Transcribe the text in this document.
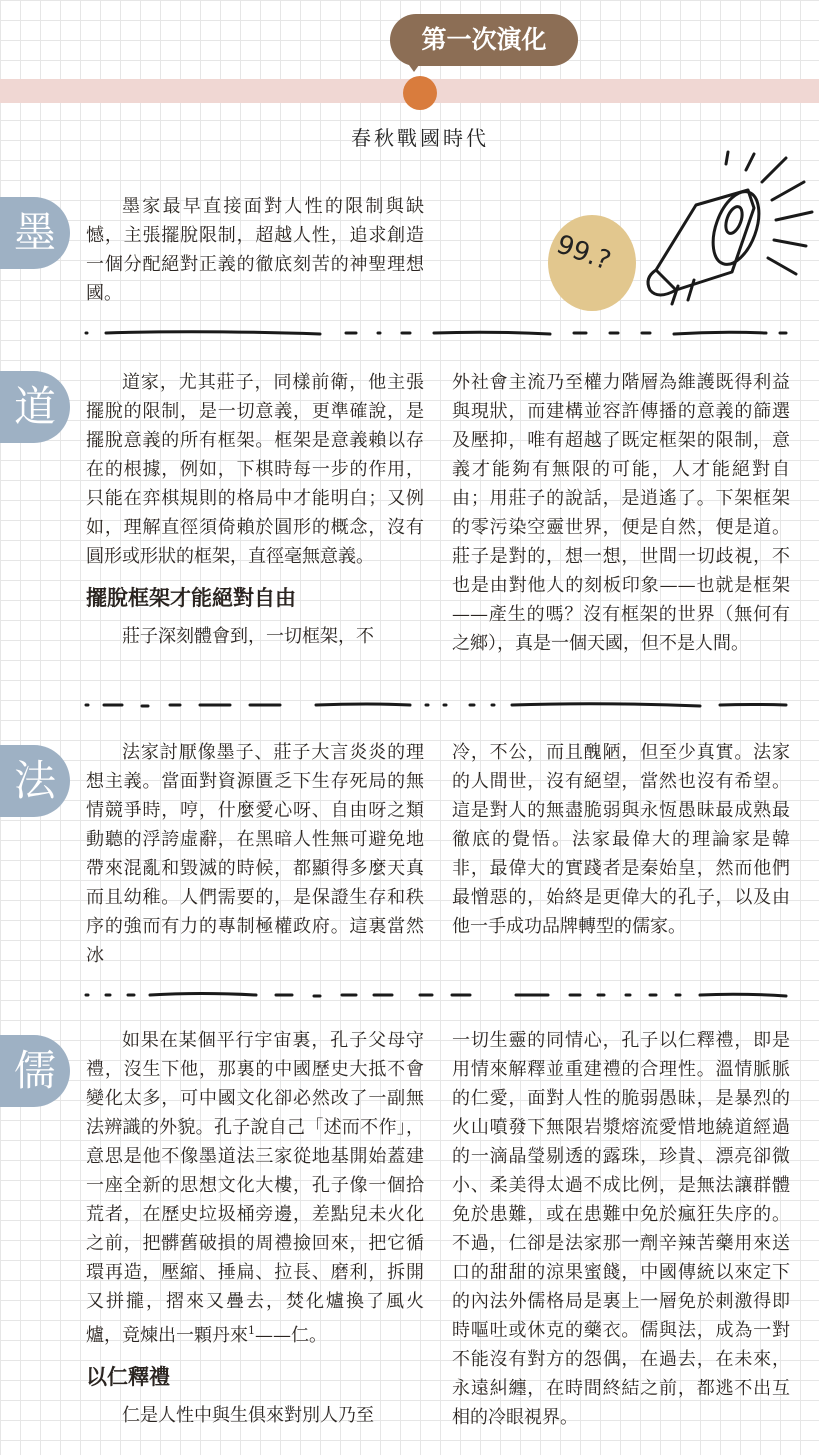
第一次演化
春秋戰國時代
99.?
墨

墨家最早直接面對人性的限制與缺憾，主張擺脫限制，超越人性，追求創造一個分配絕對正義的徹底刻苦的神聖理想國。

道	道家，尤其莊子，同樣前衛，他主張擺脫的限制，是一切意義，更準確說，是擺脫意義的所有框架。框架是意義賴以存在的根據，例如，下棋時每一步的作用，只能在弈棋規則的格局中才能明白；又例如，理解直徑須倚賴於圓形的概念，沒有圓形或形狀的框架，直徑毫無意義。

擺脫框架才能絕對自由

莊子深刻體會到，一切框架，不

外社會主流乃至權力階層為維護既得利益與現狀，而建構並容許傳播的意義的篩選及壓抑，唯有超越了既定框架的限制，意義才能夠有無限的可能，人才能絕對自由；用莊子的說話，是逍遙了。下架框架的零污染空靈世界，便是自然，便是道。莊子是對的，想一想，世間一切歧視，不也是由對他人的刻板印象——也就是框架——產生的嗎？沒有框架的世界（無何有之鄉），真是一個天國，但不是人間。

法

法家討厭像墨子、莊子大言炎炎的理想主義。當面對資源匱乏下生存死局的無情競爭時，哼，什麼愛心呀、自由呀之類動聽的浮誇虛辭，在黑暗人性無可避免地帶來混亂和毀滅的時候，都顯得多麼天真而且幼稚。人們需要的，是保證生存和秩序的強而有力的專制極權政府。這裏當然冰

冷，不公，而且醜陋，但至少真實。法家的人間世，沒有絕望，當然也沒有希望。這是對人的無盡脆弱與永恆愚昧最成熟最徹底的覺悟。法家最偉大的理論家是韓非，最偉大的實踐者是秦始皇，然而他們最憎惡的，始終是更偉大的孔子，以及由他一手成功品牌轉型的儒家。

儒

如果在某個平行宇宙裏，孔子父母守禮，沒生下他，那裏的中國歷史大抵不會變化太多，可中國文化卻必然改了一副無法辨識的外貌。孔子說自己「述而不作」，意思是他不像墨道法三家從地基開始蓋建一座全新的思想文化大樓，孔子像一個拾荒者，在歷史垃圾桶旁邊，差點兒未火化之前，把髒舊破損的周禮撿回來，把它循環再造，壓縮、捶扁、拉長、磨利，拆開又拼攏，摺來又疊去，焚化爐換了風火爐，竟煉出一顆丹來$^1$——仁。

以仁釋禮

仁是人性中與生俱來對別人乃至

一切生靈的同情心，孔子以仁釋禮，即是用情來解釋並重建禮的合理性。溫情脈脈的仁愛，面對人性的脆弱愚昧，是暴烈的火山噴發下無限岩漿熔流愛惜地繞道經過的一滴晶瑩剔透的露珠，珍貴、漂亮卻微小、柔美得太過不成比例，是無法讓群體免於患難，或在患難中免於瘋狂失序的。不過，仁卻是法家那一劑辛辣苦藥用來送口的甜甜的涼果蜜餞，中國傳統以來定下的內法外儒格局是裏上一層免於刺激得即時嘔吐或休克的藥衣。儒與法，成為一對不能沒有對方的怨偶，在過去，在未來，永遠糾纏，在時間終結之前，都逃不出互相的冷眼視界。
